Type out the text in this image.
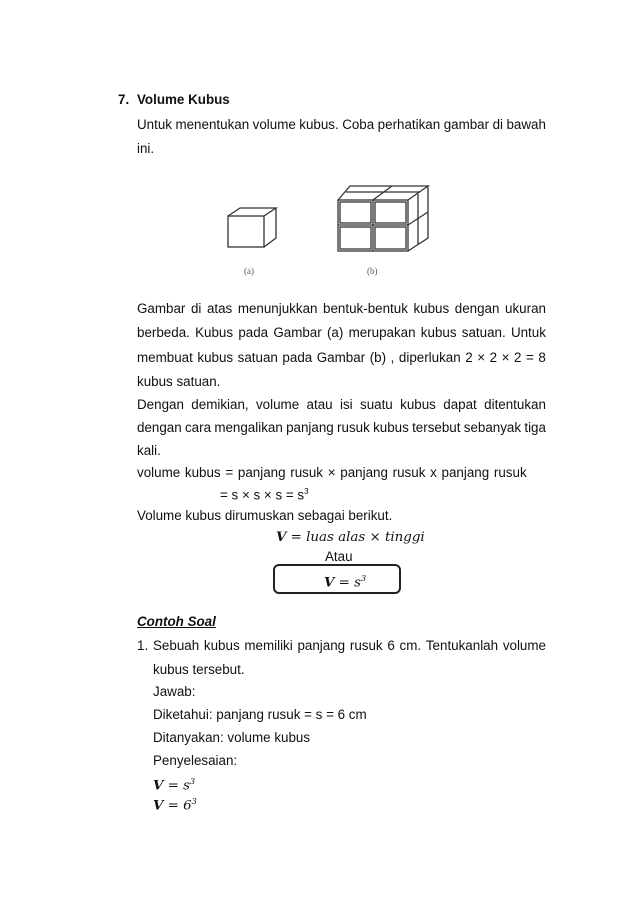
7. Volume Kubus
Untuk menentukan volume kubus. Coba perhatikan gambar di bawah
ini.
(a)	(b)
Gambar di atas menunjukkan bentuk-bentuk kubus dengan ukuran
berbeda. Kubus pada Gambar (a) merupakan kubus satuan. Untuk
membuat kubus satuan pada Gambar (b) , diperlukan 2 × 2 × 2 = 8
kubus satuan.
Dengan demikian, volume atau isi suatu kubus dapat ditentukan
dengan cara mengalikan panjang rusuk kubus tersebut sebanyak tiga
kali.
volume kubus = panjang rusuk × panjang rusuk x panjang rusuk
= $s \times s \times s = s^3$
Volume kubus dirumuskan sebagai berikut.
V = luas alas × tinggi
Atau
$V = s^3$
Contoh Soal
1. Sebuah kubus memiliki panjang rusuk 6 cm. Tentukanlah volume
kubus tersebut.
Jawab:
Diketahui: panjang rusuk = s = 6 cm
Ditanyakan: volume kubus
Penyelesaian:
$V = s^3$
$V = 6^3$
